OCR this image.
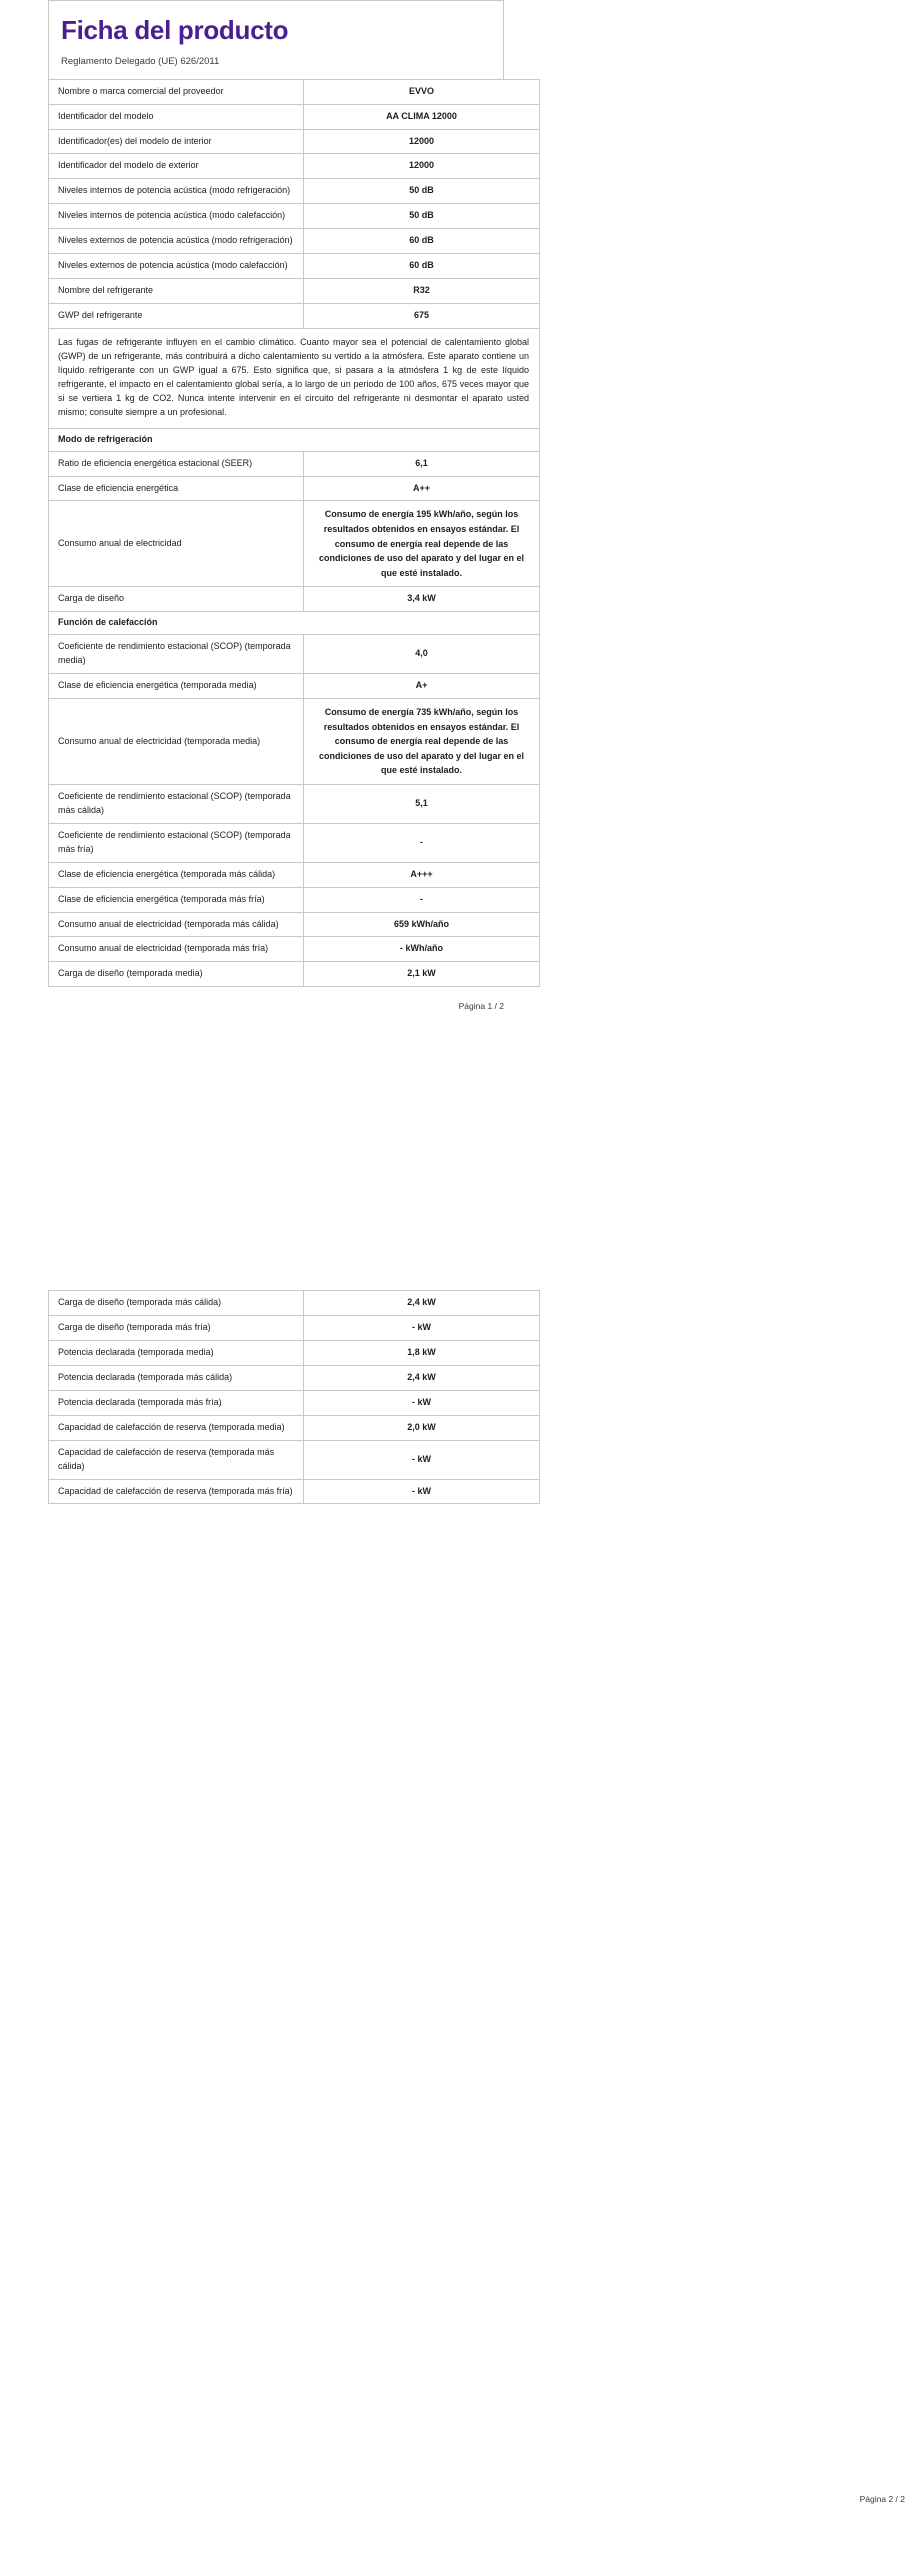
Ficha del producto
Reglamento Delegado (UE) 626/2011
Nombre o marca comercial del proveedor	EVVO
Identificador del modelo	AA CLIMA 12000
Identificador(es) del modelo de interior	12000
Identificador del modelo de exterior	12000
Niveles internos de potencia acústica (modo refrigeración)	50 dB
Niveles internos de potencia acústica (modo calefacción)	50 dB
Niveles externos de potencia acústica (modo refrigeración)	60 dB
Niveles externos de potencia acústica (modo calefacción)	60 dB
Nombre del refrigerante	R32
GWP del refrigerante	675
Las fugas de refrigerante influyen en el cambio climático. Cuanto mayor sea el potencial de calentamiento global (GWP) de un refrigerante, más contribuirá a dicho calentamiento su vertido a la atmósfera. Este aparato contiene un líquido refrigerante con un GWP igual a 675. Esto significa que, si pasara a la atmósfera 1 kg de este líquido refrigerante, el impacto en el calentamiento global sería, a lo largo de un periodo de 100 años, 675 veces mayor que si se vertiera 1 kg de CO2. Nunca intente intervenir en el circuito del refrigerante ni desmontar el aparato usted mismo; consulte siempre a un profesional.	
Modo de refrigeración	
Ratio de eficiencia energética estacional (SEER)	6,1
Clase de eficiencia energética	A++
Consumo anual de electricidad	Consumo de energía 195 kWh/año, según los resultados obtenidos en ensayos estándar. El consumo de energía real depende de las condiciones de uso del aparato y del lugar en el que esté instalado.
Carga de diseño	3,4 kW
Función de calefacción	
Coeficiente de rendimiento estacional (SCOP) (temporada media)	4,0
Clase de eficiencia energética (temporada media)	A+
Consumo anual de electricidad (temporada media)	Consumo de energía 735 kWh/año, según los resultados obtenidos en ensayos estándar. El consumo de energía real depende de las condiciones de uso del aparato y del lugar en el que esté instalado.
Coeficiente de rendimiento estacional (SCOP) (temporada más cálida)	5,1
Coeficiente de rendimiento estacional (SCOP) (temporada más fría)	-
Clase de eficiencia energética (temporada más cálida)	A+++
Clase de eficiencia energética (temporada más fría)	-
Consumo anual de electricidad (temporada más cálida)	659 kWh/año
Consumo anual de electricidad (temporada más fría)	- kWh/año
Carga de diseño (temporada media)	2,1 kW
Página 1 / 2
Carga de diseño (temporada más cálida)	2,4 kW
Carga de diseño (temporada más fría)	- kW
Potencia declarada (temporada media)	1,8 kW
Potencia declarada (temporada más cálida)	2,4 kW
Potencia declarada (temporada más fría)	- kW
Capacidad de calefacción de reserva (temporada media)	2,0 kW
Capacidad de calefacción de reserva (temporada más cálida)	- kW
Capacidad de calefacción de reserva (temporada más fría)	- kW
Página 2 / 2
